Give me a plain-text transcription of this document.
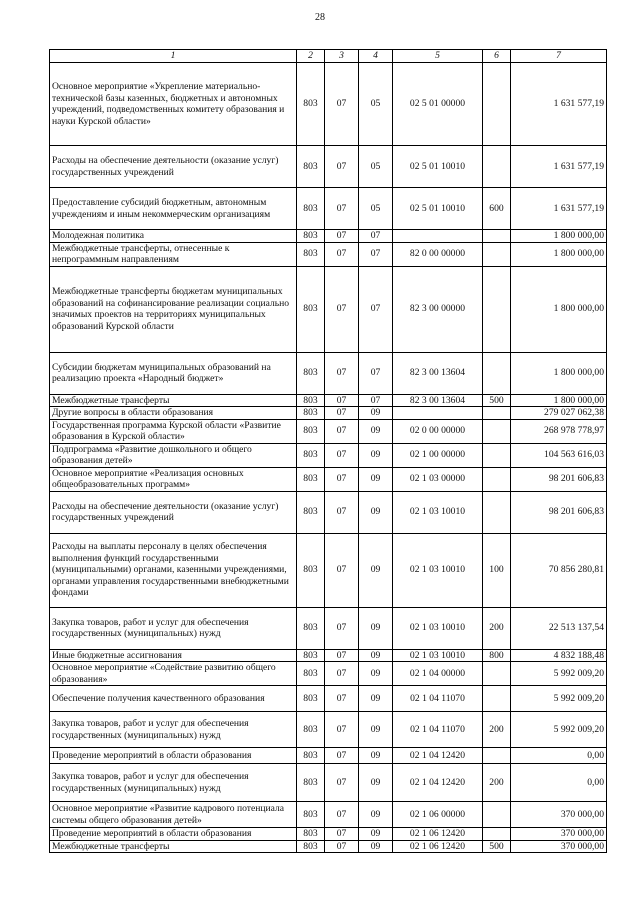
28
1	2	3	4	5	6	7
Основное мероприятие «Укрепление материально-технической базы казенных, бюджетных и автономных учреждений, подведомственных комитету образования и науки Курской области»	803	07	05	02 5 01 00000		1 631 577,19
Расходы на обеспечение деятельности (оказание услуг) государственных учреждений	803	07	05	02 5 01 10010		1 631 577,19
Предоставление субсидий бюджетным, автономным учреждениям и иным некоммерческим организациям	803	07	05	02 5 01 10010	600	1 631 577,19
Молодежная политика	803	07	07			1 800 000,00
Межбюджетные трансферты, отнесенные к непрограммным направлениям	803	07	07	82 0 00 00000		1 800 000,00
Межбюджетные трансферты бюджетам муниципальных образований на софинансирование реализации социально значимых проектов на территориях муниципальных образований Курской области	803	07	07	82 3 00 00000		1 800 000,00
Субсидии бюджетам муниципальных образований на реализацию проекта «Народный бюджет»	803	07	07	82 3 00 13604		1 800 000,00
Межбюджетные трансферты	803	07	07	82 3 00 13604	500	1 800 000,00
Другие вопросы в области образования	803	07	09			279 027 062,38
Государственная программа Курской области «Развитие образования в Курской области»	803	07	09	02 0 00 00000		268 978 778,97
Подпрограмма «Развитие дошкольного и общего образования детей»	803	07	09	02 1 00 00000		104 563 616,03
Основное мероприятие «Реализация основных общеобразовательных программ»	803	07	09	02 1 03 00000		98 201 606,83
Расходы на обеспечение деятельности (оказание услуг) государственных учреждений	803	07	09	02 1 03 10010		98 201 606,83
Расходы на выплаты персоналу в целях обеспечения выполнения функций государственными (муниципальными) органами, казенными учреждениями, органами управления государственными внебюджетными фондами	803	07	09	02 1 03 10010	100	70 856 280,81
Закупка товаров, работ и услуг для обеспечения государственных (муниципальных) нужд	803	07	09	02 1 03 10010	200	22 513 137,54
Иные бюджетные ассигнования	803	07	09	02 1 03 10010	800	4 832 188,48
Основное мероприятие «Содействие развитию общего образования»	803	07	09	02 1 04 00000		5 992 009,20
Обеспечение получения качественного образования	803	07	09	02 1 04 11070		5 992 009,20
Закупка товаров, работ и услуг для обеспечения государственных (муниципальных) нужд	803	07	09	02 1 04 11070	200	5 992 009,20
Проведение мероприятий в области образования	803	07	09	02 1 04 12420		0,00
Закупка товаров, работ и услуг для обеспечения государственных (муниципальных) нужд	803	07	09	02 1 04 12420	200	0,00
Основное мероприятие «Развитие кадрового потенциала системы общего образования детей»	803	07	09	02 1 06 00000		370 000,00
Проведение мероприятий в области образования	803	07	09	02 1 06 12420		370 000,00
Межбюджетные трансферты	803	07	09	02 1 06 12420	500	370 000,00
